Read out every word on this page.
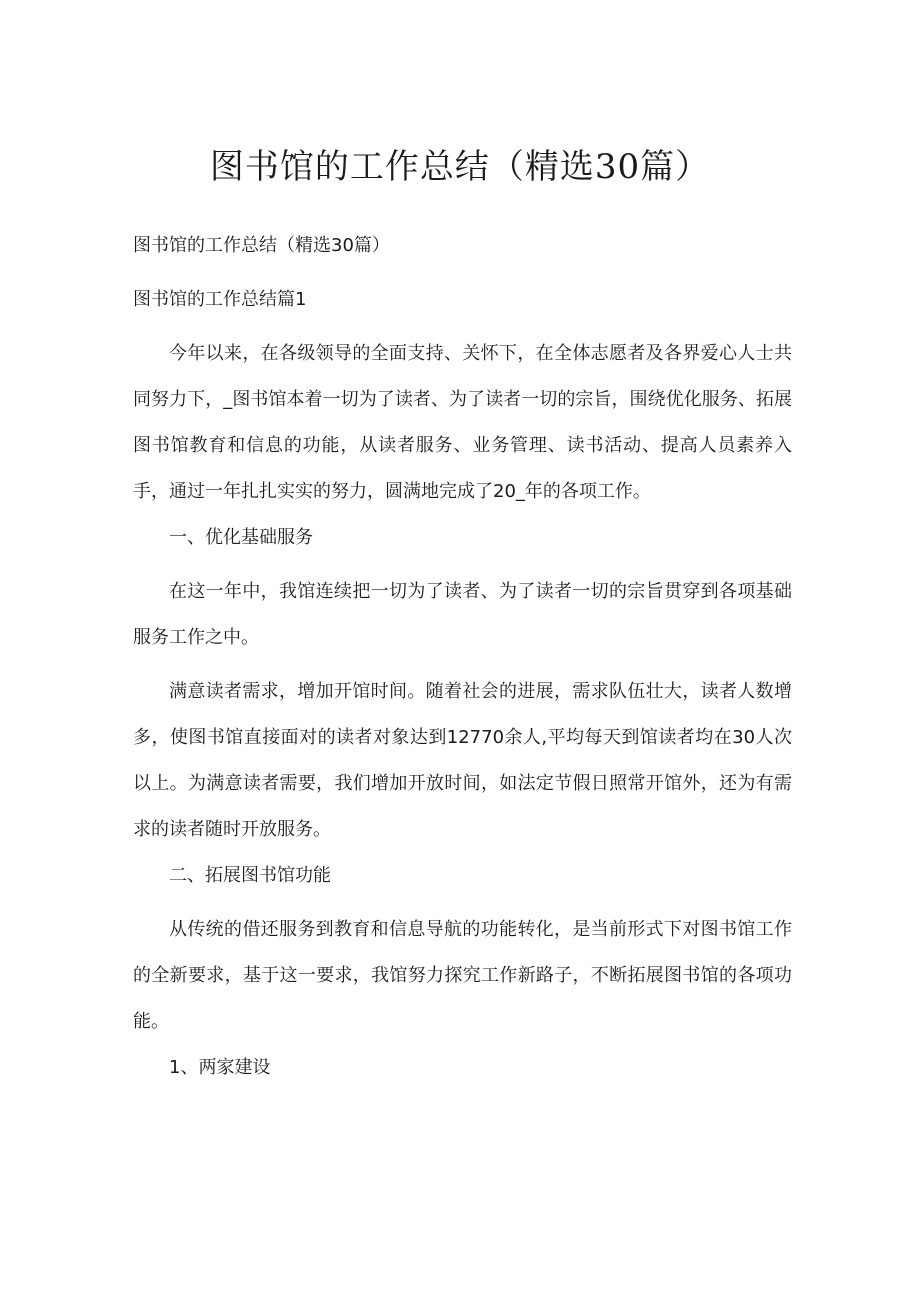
图书馆的工作总结（精选30篇）

图书馆的工作总结（精选30篇）

图书馆的工作总结篇1

今年以来，在各级领导的全面支持、关怀下，在全体志愿者及各界爱心人士共同努力下，_图书馆本着一切为了读者、为了读者一切的宗旨，围绕优化服务、拓展图书馆教育和信息的功能，从读者服务、业务管理、读书活动、提高人员素养入手，通过一年扎扎实实的努力，圆满地完成了20_年的各项工作。

一、优化基础服务

在这一年中，我馆连续把一切为了读者、为了读者一切的宗旨贯穿到各项基础服务工作之中。

满意读者需求，增加开馆时间。随着社会的进展，需求队伍壮大，读者人数增多，使图书馆直接面对的读者对象达到12770余人,平均每天到馆读者均在30人次以上。为满意读者需要，我们增加开放时间，如法定节假日照常开馆外，还为有需求的读者随时开放服务。

二、拓展图书馆功能

从传统的借还服务到教育和信息导航的功能转化，是当前形式下对图书馆工作的全新要求，基于这一要求，我馆努力探究工作新路子，不断拓展图书馆的各项功能。

1、两家建设
